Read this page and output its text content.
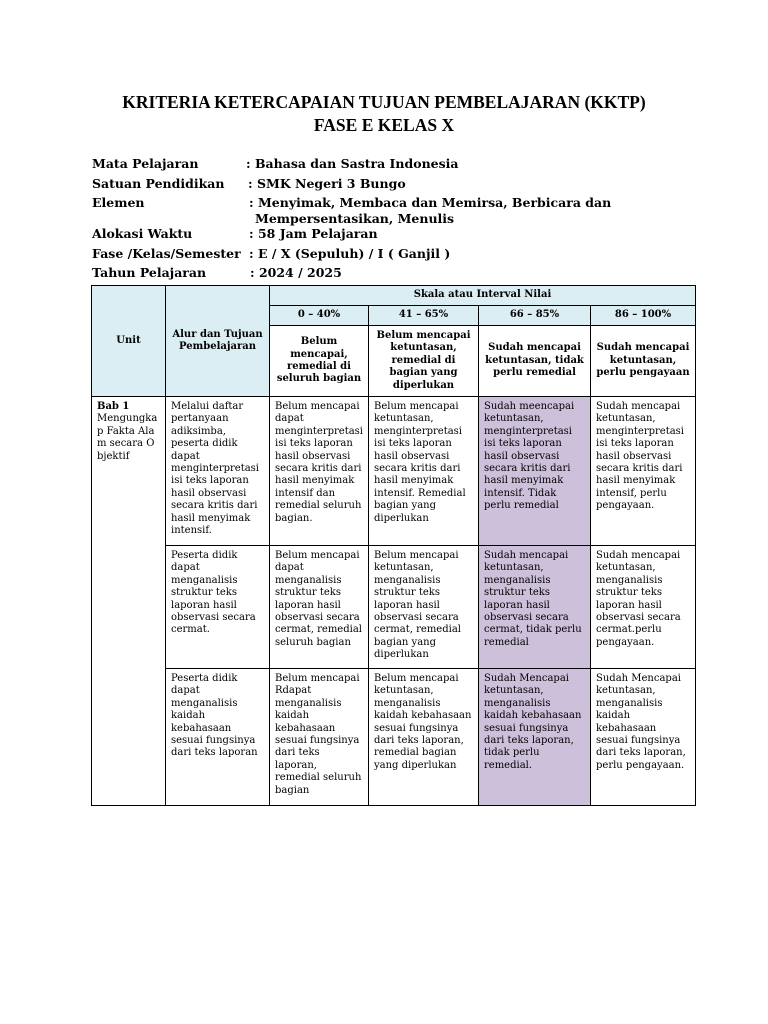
KRITERIA KETERCAPAIAN TUJUAN PEMBELAJARAN (KKTP)
FASE E KELAS X
Mata Pelajaran	: Bahasa dan Sastra Indonesia
Satuan Pendidikan : SMK Negeri 3 Bungo
Elemen	: Menyimak, Membaca dan Memirsa, Berbicara dan
Mempersentasikan, Menulis
Alokasi Waktu	: 58 Jam Pelajaran
Fase /Kelas/Semester : E / X (Sepuluh) / I ( Ganjil )
Tahun Pelajaran	: 2024 / 2025
Unit	Alur dan Tujuan Pembelajaran	Skala atau Interval Nilai			
		0 – 40%	41 – 65%	66 – 85%	86 – 100%
		Belum mencapai, remedial di seluruh bagian	Belum mencapai ketuntasan, remedial di bagian yang diperlukan	Sudah mencapai ketuntasan, tidak perlu remedial	Sudah mencapai ketuntasan, perlu pengayaan

Bab 1
Mengungkap Fakta Alam secara Objektif	Melalui daftar pertanyaan adiksimba, peserta didik dapat menginterpretasi isi teks laporan hasil observasi secara kritis dari hasil menyimak intensif.	Belum mencapai dapat menginterpretasi isi teks laporan hasil observasi secara kritis dari hasil menyimak intensif dan remedial seluruh bagian.	Belum mencapai ketuntasan, menginterpretasi isi teks laporan hasil observasi secara kritis dari hasil menyimak intensif. Remedial bagian yang diperlukan	Sudah meencapai ketuntasan, menginterpretasi isi teks laporan hasil observasi secara kritis dari hasil menyimak intensif. Tidak perlu remedial	Sudah mencapai ketuntasan, menginterpretasi isi teks laporan hasil observasi secara kritis dari hasil menyimak intensif, perlu pengayaan.
	Peserta didik dapat menganalisis struktur teks laporan hasil observasi secara cermat.	Belum mencapai dapat menganalisis struktur teks laporan hasil observasi secara cermat, remedial seluruh bagian	Belum mencapai ketuntasan, menganalisis struktur teks laporan hasil observasi secara cermat, remedial bagian yang diperlukan	Sudah mencapai ketuntasan, menganalisis struktur teks laporan hasil observasi secara cermat, tidak perlu remedial	Sudah mencapai ketuntasan, menganalisis struktur teks laporan hasil observasi secara cermat.perlu pengayaan.
	Peserta didik dapat menganalisis kaidah kebahasaan sesuai fungsinya dari teks laporan	Belum mencapai Rdapat menganalisis kaidah kebahasaan sesuai fungsinya dari teks laporan, remedial seluruh bagian	Belum mencapai ketuntasan, menganalisis kaidah kebahasaan sesuai fungsinya dari teks laporan, remedial bagian yang diperlukan	Sudah Mencapai ketuntasan, menganalisis kaidah kebahasaan sesuai fungsinya dari teks laporan, tidak perlu remedial.	Sudah Mencapai ketuntasan, menganalisis kaidah kebahasaan sesuai fungsinya dari teks laporan, perlu pengayaan.
